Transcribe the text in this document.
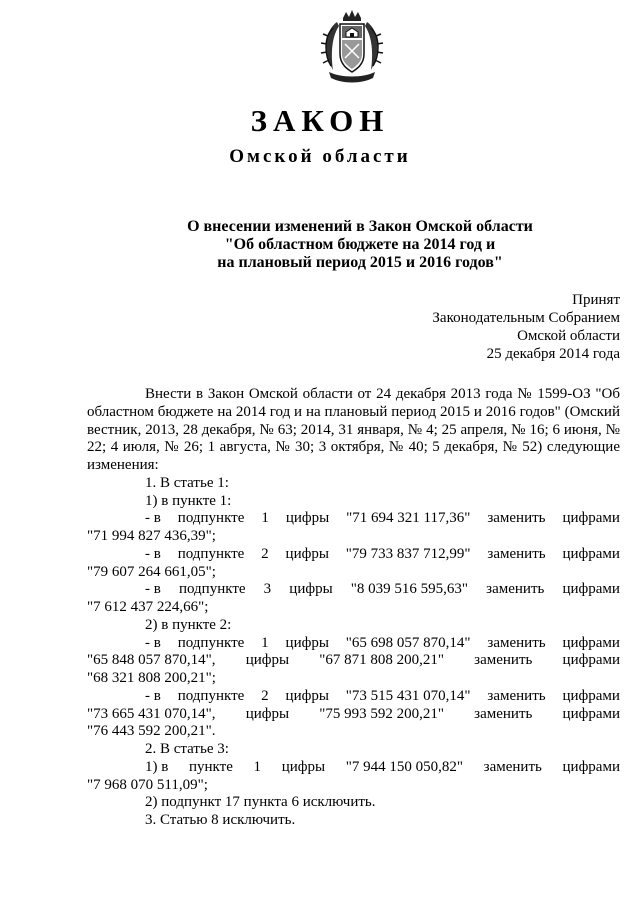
ЗАКОН
Омской области
О внесении изменений в Закон Омской области
"Об областном бюджете на 2014 год и
на плановый период 2015 и 2016 годов"
Принят
Законодательным Собранием
Омской области
25 декабря 2014 года

Внести в Закон Омской области от 24 декабря 2013 года № 1599-ОЗ "Об областном бюджете на 2014 год и на плановый период 2015 и 2016 годов" (Омский вестник, 2013, 28 декабря, № 63; 2014, 31 января, № 4; 25 апреля, № 16; 6 июня, № 22; 4 июля, № 26; 1 августа, № 30; 3 октября, № 40; 5 декабря, № 52) следующие изменения:

1. В статье 1:
1) в пункте 1:
- в подпункте 1 цифры "71 694 321 117,36" заменить цифрами
"71 994 827 436,39";
- в подпункте 2 цифры "79 733 837 712,99" заменить цифрами
"79 607 264 661,05";
- в подпункте 3 цифры "8 039 516 595,63" заменить цифрами
"7 612 437 224,66";
2) в пункте 2:
- в подпункте 1 цифры "65 698 057 870,14" заменить цифрами
"65 848 057 870,14", цифры "67 871 808 200,21" заменить цифрами
"68 321 808 200,21";
- в подпункте 2 цифры "73 515 431 070,14" заменить цифрами
"73 665 431 070,14", цифры "75 993 592 200,21" заменить цифрами
"76 443 592 200,21".
2. В статье 3:
1) в пункте 1 цифры "7 944 150 050,82" заменить цифрами
"7 968 070 511,09";
2) подпункт 17 пункта 6 исключить.
3. Статью 8 исключить.
